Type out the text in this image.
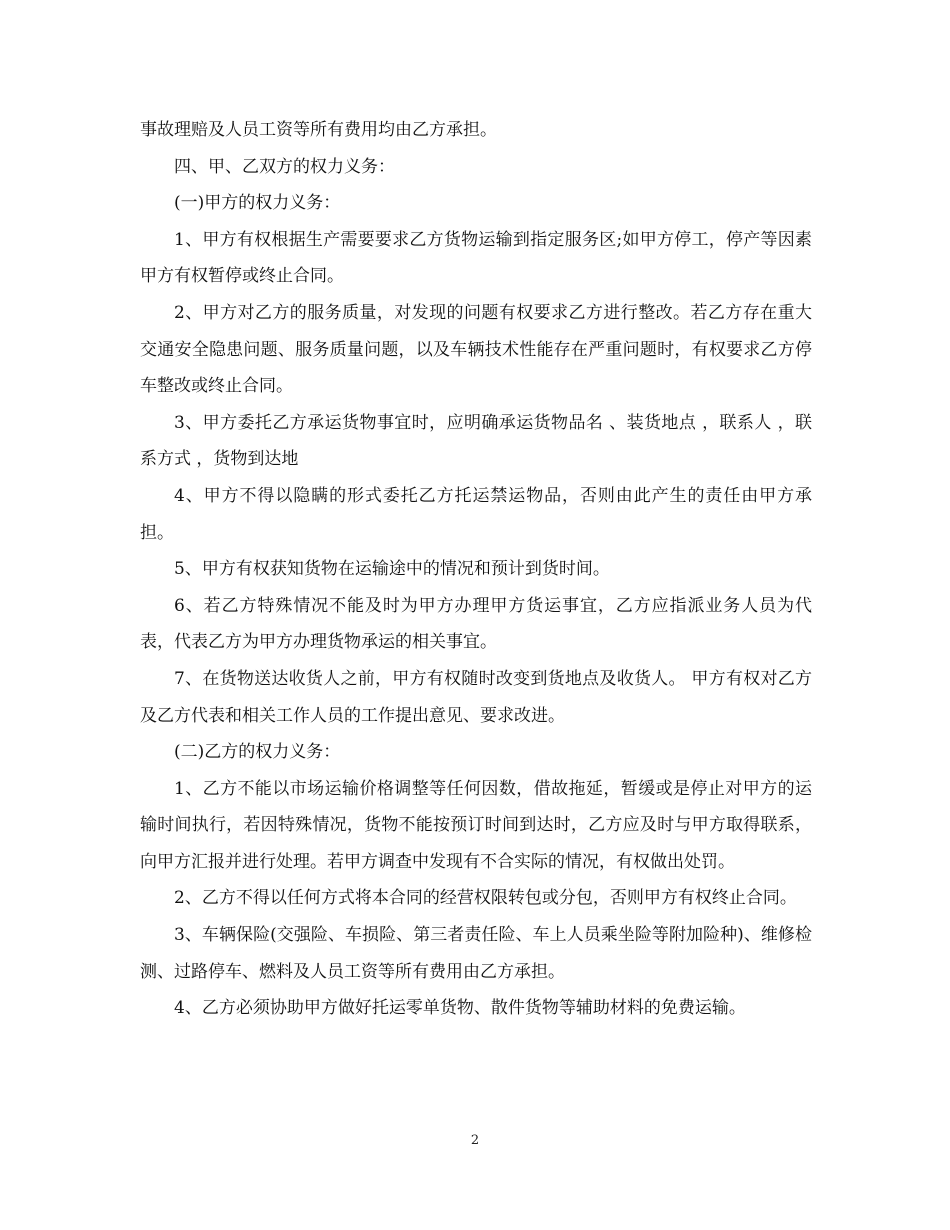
事故理赔及人员工资等所有费用均由乙方承担。

四、甲、乙双方的权力义务：

(一)甲方的权力义务：

1、甲方有权根据生产需要要求乙方货物运输到指定服务区;如甲方停工，停产等因素甲方有权暂停或终止合同。

2、甲方对乙方的服务质量，对发现的问题有权要求乙方进行整改。若乙方存在重大交通安全隐患问题、服务质量问题，以及车辆技术性能存在严重问题时，有权要求乙方停车整改或终止合同。

3、甲方委托乙方承运货物事宜时，应明确承运货物品名 、装货地点 ，联系人 ，联系方式 ，货物到达地

4、甲方不得以隐瞒的形式委托乙方托运禁运物品，否则由此产生的责任由甲方承担。

5、甲方有权获知货物在运输途中的情况和预计到货时间。

6、若乙方特殊情况不能及时为甲方办理甲方货运事宜，乙方应指派业务人员为代表，代表乙方为甲方办理货物承运的相关事宜。

7、在货物送达收货人之前，甲方有权随时改变到货地点及收货人。 甲方有权对乙方及乙方代表和相关工作人员的工作提出意见、要求改进。

(二)乙方的权力义务：

1、乙方不能以市场运输价格调整等任何因数，借故拖延，暂缓或是停止对甲方的运输时间执行，若因特殊情况，货物不能按预订时间到达时，乙方应及时与甲方取得联系，向甲方汇报并进行处理。若甲方调查中发现有不合实际的情况，有权做出处罚。

2、乙方不得以任何方式将本合同的经营权限转包或分包，否则甲方有权终止合同。

3、车辆保险(交强险、车损险、第三者责任险、车上人员乘坐险等附加险种)、维修检测、过路停车、燃料及人员工资等所有费用由乙方承担。

4、乙方必须协助甲方做好托运零单货物、散件货物等辅助材料的免费运输。

2
